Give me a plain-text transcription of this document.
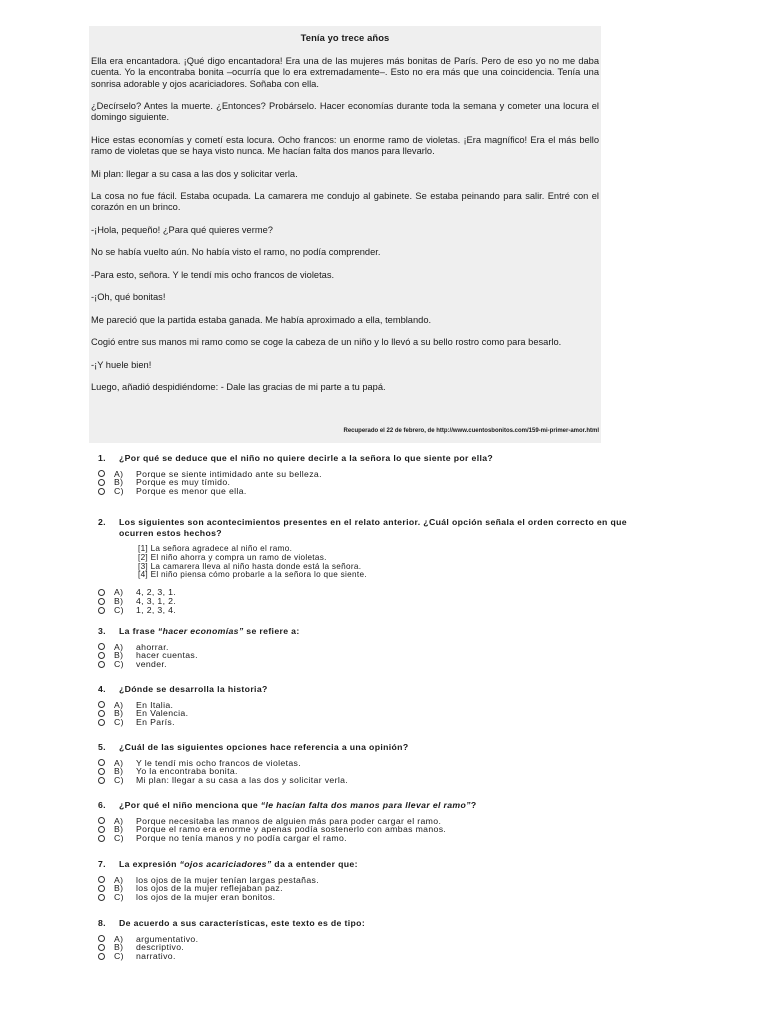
Tenía yo trece años

Ella era encantadora. ¡Qué digo encantadora! Era una de las mujeres más bonitas de París. Pero de eso yo no me daba cuenta. Yo la encontraba bonita –ocurría que lo era extremadamente–. Esto no era más que una coincidencia. Tenía una sonrisa adorable y ojos acariciadores. Soñaba con ella.

¿Decírselo? Antes la muerte. ¿Entonces? Probárselo. Hacer economías durante toda la semana y cometer una locura el domingo siguiente.

Hice estas economías y cometí esta locura. Ocho francos: un enorme ramo de violetas. ¡Era magnífico! Era el más bello ramo de violetas que se haya visto nunca. Me hacían falta dos manos para llevarlo.

Mi plan: llegar a su casa a las dos y solicitar verla.

La cosa no fue fácil. Estaba ocupada. La camarera me condujo al gabinete. Se estaba peinando para salir. Entré con el corazón en un brinco.

-¡Hola, pequeño! ¿Para qué quieres verme?

No se había vuelto aún. No había visto el ramo, no podía comprender.

-Para esto, señora. Y le tendí mis ocho francos de violetas.

-¡Oh, qué bonitas!

Me pareció que la partida estaba ganada. Me había aproximado a ella, temblando.

Cogió entre sus manos mi ramo como se coge la cabeza de un niño y lo llevó a su bello rostro como para besarlo.

-¡Y huele bien!

Luego, añadió despidiéndome: - Dale las gracias de mi parte a tu papá.

Recuperado el 22 de febrero, de http://www.cuentosbonitos.com/159-mi-primer-amor.html

1.	¿Por qué se deduce que el niño no quiere decirle a la señora lo que siente por ella?
A)	Porque se siente intimidado ante su belleza.
B)	Porque es muy tímido.
C)	Porque es menor que ella.
2.	Los siguientes son acontecimientos presentes en el relato anterior. ¿Cuál opción señala el orden correcto en que ocurren estos hechos?
[1] La señora agradece al niño el ramo.
[2] El niño ahorra y compra un ramo de violetas.
[3] La camarera lleva al niño hasta donde está la señora.
[4] El niño piensa cómo probarle a la señora lo que siente.
A)	4, 2, 3, 1.
B)	4, 3, 1, 2.
C)	1, 2, 3, 4.
3.	La frase “hacer economías” se refiere a:
A)	ahorrar.
B)	hacer cuentas.
C)	vender.
4.	¿Dónde se desarrolla la historia?
A)	En Italia.
B)	En Valencia.
C)	En París.
5.	¿Cuál de las siguientes opciones hace referencia a una opinión?
A)	Y le tendí mis ocho francos de violetas.
B)	Yo la encontraba bonita.
C)	Mi plan: llegar a su casa a las dos y solicitar verla.
6.	¿Por qué el niño menciona que “le hacían falta dos manos para llevar el ramo”?
A)	Porque necesitaba las manos de alguien más para poder cargar el ramo.
B)	Porque el ramo era enorme y apenas podía sostenerlo con ambas manos.
C)	Porque no tenía manos y no podía cargar el ramo.
7.	La expresión “ojos acariciadores” da a entender que:
A)	los ojos de la mujer tenían largas pestañas.
B)	los ojos de la mujer reflejaban paz.
C)	los ojos de la mujer eran bonitos.
8.	De acuerdo a sus características, este texto es de tipo:
A)	argumentativo.
B)	descriptivo.
C)	narrativo.
